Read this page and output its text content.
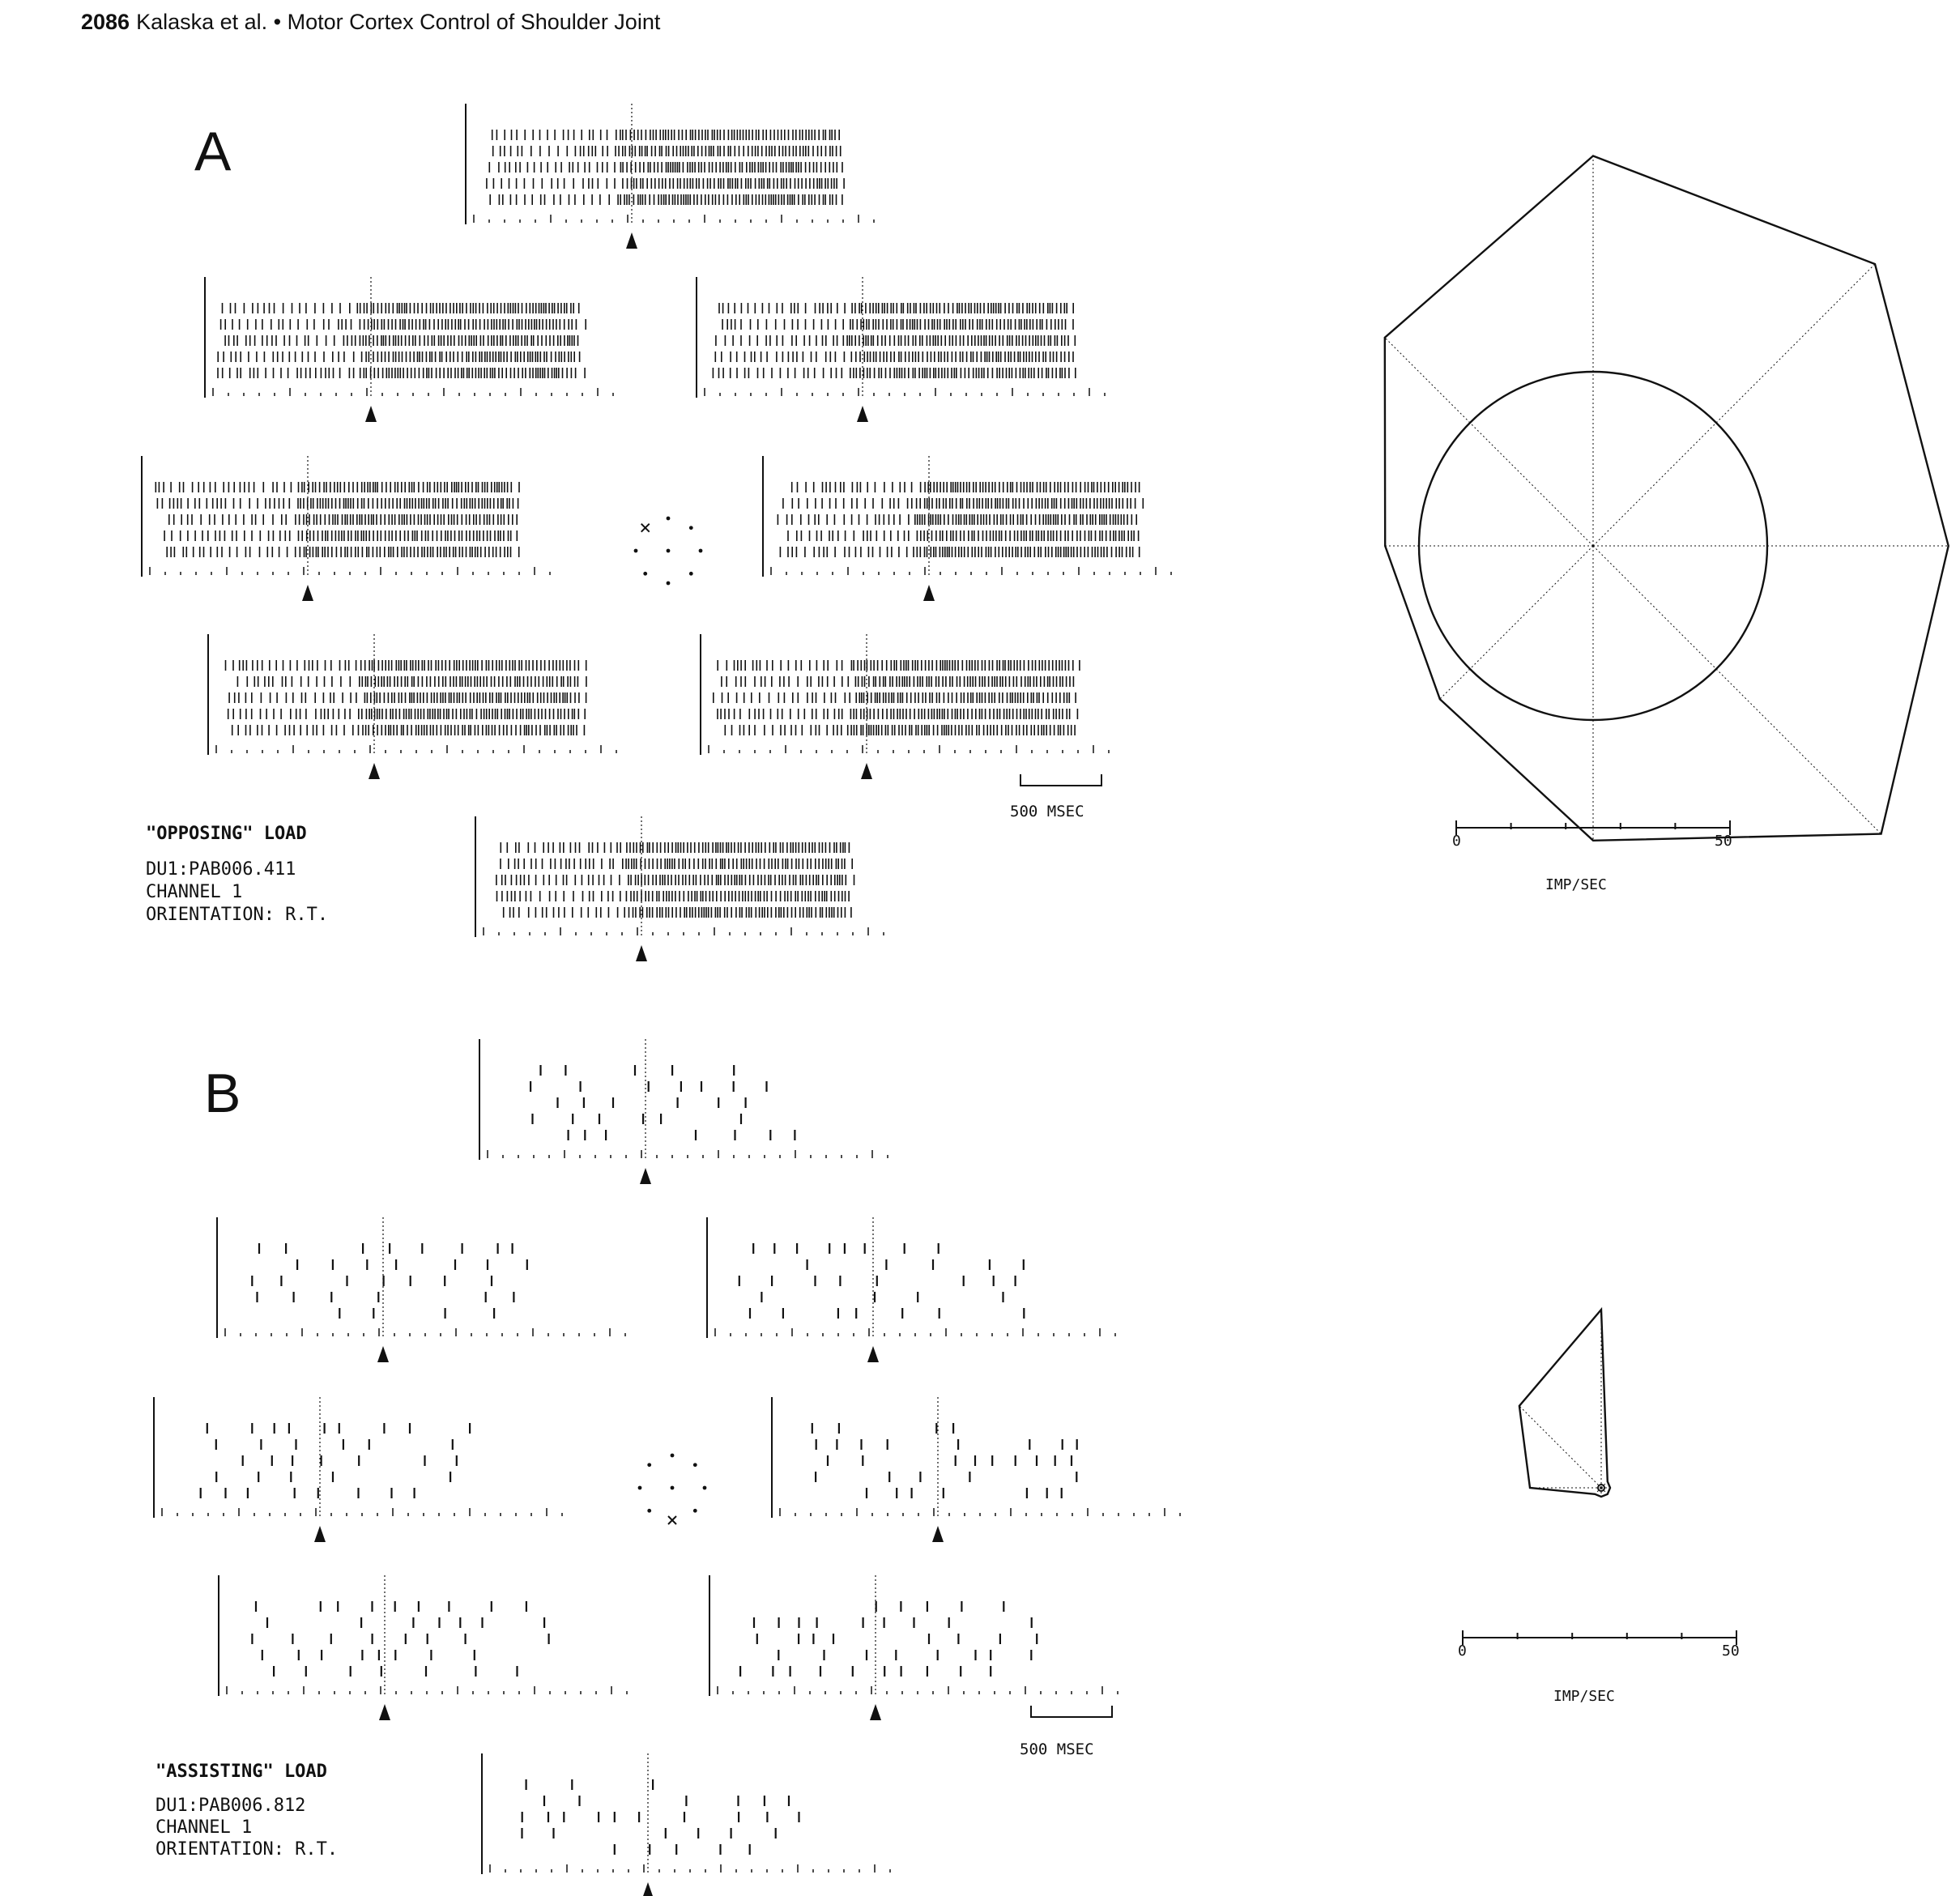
2086 Kalaska et al. • Motor Cortex Control of Shoulder Joint
A
500 MSEC
"OPPOSING" LOAD
DU1:PAB006.411
CHANNEL 1
ORIENTATION: R.T.
0	50
IMP/SEC
B
500 MSEC
"ASSISTING" LOAD
DU1:PAB006.812
CHANNEL 1
ORIENTATION: R.T.
0	50
IMP/SEC
